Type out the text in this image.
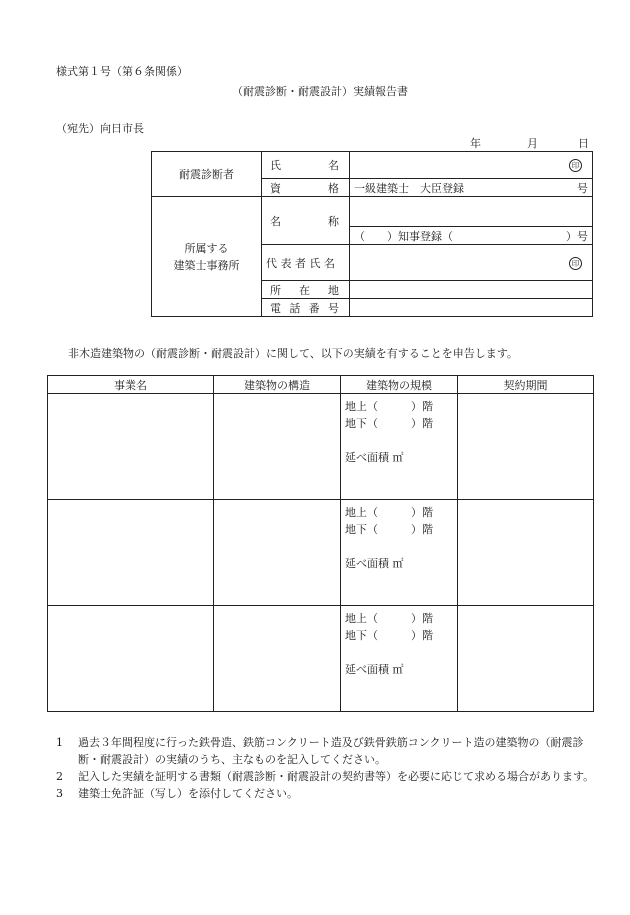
様式第１号（第６条関係）
（耐震診断・耐震設計）実績報告書
（宛先）向日市長
年	月	日
耐震診断者	氏 名	印

	資 格	一級建築士　大臣登録 号

所属する
建築士事務所	名 称	

		（　　）知事登録（ ）号

	代 表 者 氏 名	印

	所 在 地	

	電 話 番 号	

非木造建築物の（耐震診断・耐震設計）に関して、以下の実績を有することを申告します。
事業名	建築物の構造	建築物の規模	契約期間

		地上（　　　）階
地下（　　　）階

延べ面積 ㎡	

		地上（　　　）階
地下（　　　）階

延べ面積 ㎡	

		地上（　　　）階
地下（　　　）階

延べ面積 ㎡	

1	過去３年間程度に行った鉄骨造、鉄筋コンクリート造及び鉄骨鉄筋コンクリート造の建築物の（耐震診断・耐震設計）の実績のうち、主なものを記入してください。
2	記入した実績を証明する書類（耐震診断・耐震設計の契約書等）を必要に応じて求める場合があります。
3	建築士免許証（写し）を添付してください。
